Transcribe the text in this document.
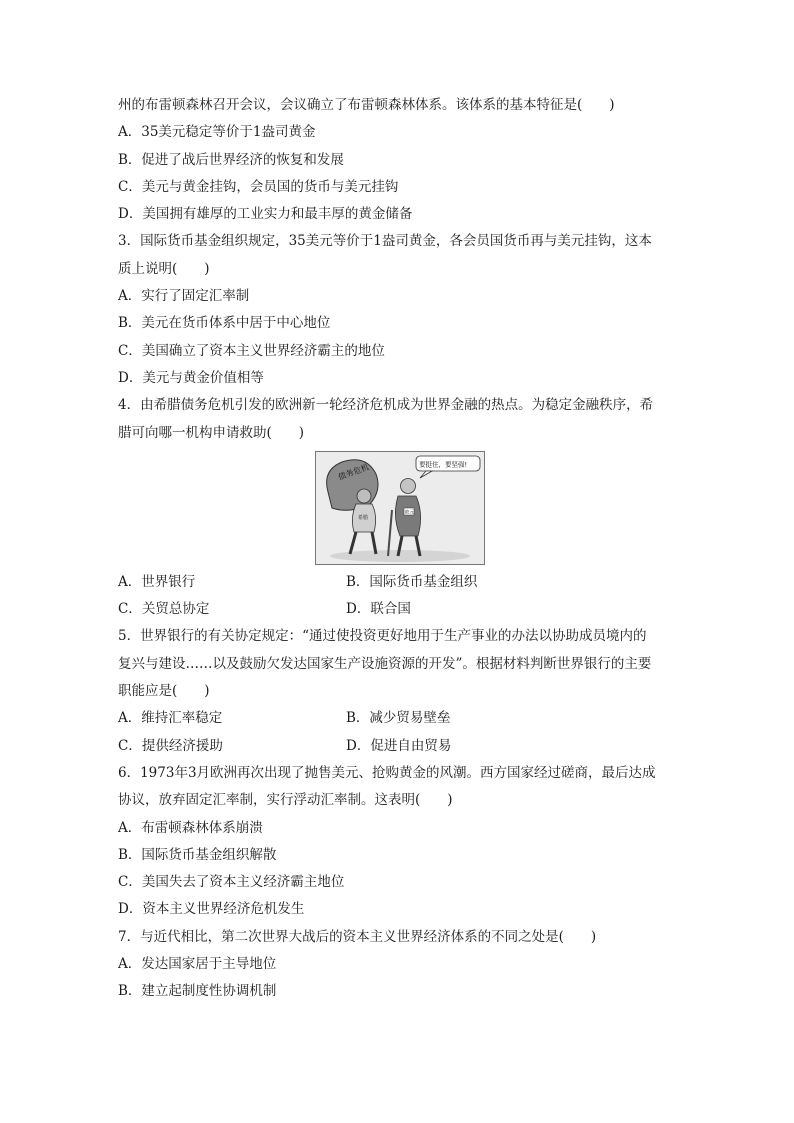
州的布雷顿森林召开会议，会议确立了布雷顿森林体系。该体系的基本特征是(　　)
A．35美元稳定等价于1盎司黄金
B．促进了战后世界经济的恢复和发展
C．美元与黄金挂钩，会员国的货币与美元挂钩
D．美国拥有雄厚的工业实力和最丰厚的黄金储备
3．国际货币基金组织规定，35美元等价于1盎司黄金，各会员国货币再与美元挂钩，这本
质上说明(　　)
A．实行了固定汇率制
B．美元在货币体系中居于中心地位
C．美国确立了资本主义世界经济霸主的地位
D．美元与黄金价值相等
4．由希腊债务危机引发的欧洲新一轮经济危机成为世界金融的热点。为稳定金融秩序，希
腊可向哪一机构申请救助(　　)
债务危机
希腊
欧元
要挺住，要坚强!
A．世界银行	B．国际货币基金组织
C．关贸总协定	D．联合国
5．世界银行的有关协定规定：“通过使投资更好地用于生产事业的办法以协助成员境内的
复兴与建设……以及鼓励欠发达国家生产设施资源的开发”。根据材料判断世界银行的主要
职能应是(　　)
A．维持汇率稳定	B．减少贸易壁垒
C．提供经济援助	D．促进自由贸易
6．1973年3月欧洲再次出现了抛售美元、抢购黄金的风潮。西方国家经过磋商，最后达成
协议，放弃固定汇率制，实行浮动汇率制。这表明(　　)
A．布雷顿森林体系崩溃
B．国际货币基金组织解散
C．美国失去了资本主义经济霸主地位
D．资本主义世界经济危机发生
7．与近代相比，第二次世界大战后的资本主义世界经济体系的不同之处是(　　)
A．发达国家居于主导地位
B．建立起制度性协调机制
